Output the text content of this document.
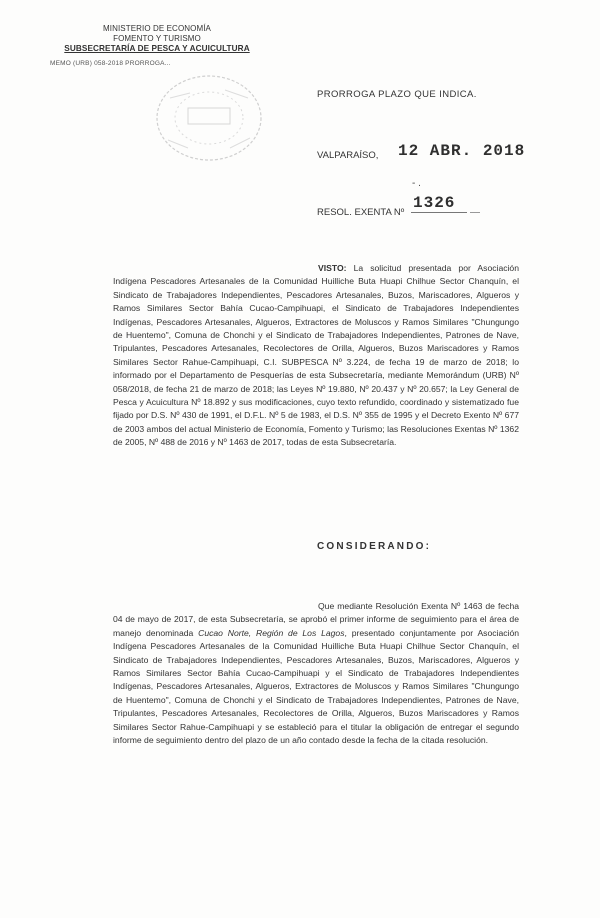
MINISTERIO DE ECONOMÍA
FOMENTO Y TURISMO
SUBSECRETARÍA DE PESCA Y ACUICULTURA
MEMO (URB) 058-2018 PRORROGA...
PRORROGA PLAZO QUE INDICA.
VALPARAÍSO, 12 ABR. 2018
- .
RESOL. EXENTA Nº
1326
VISTO: La solicitud presentada por Asociación Indígena Pescadores Artesanales de la Comunidad Huilliche Buta Huapi Chilhue Sector Chanquín, el Sindicato de Trabajadores Independientes, Pescadores Artesanales, Buzos, Mariscadores, Algueros y Ramos Similares Sector Bahía Cucao-Campihuapi, el Sindicato de Trabajadores Independientes Indígenas, Pescadores Artesanales, Algueros, Extractores de Moluscos y Ramos Similares "Chungungo de Huentemo", Comuna de Chonchi y el Sindicato de Trabajadores Independientes, Patrones de Nave, Tripulantes, Pescadores Artesanales, Recolectores de Orilla, Algueros, Buzos Mariscadores y Ramos Similares Sector Rahue-Campihuapi, C.I. SUBPESCA Nº 3.224, de fecha 19 de marzo de 2018; lo informado por el Departamento de Pesquerías de esta Subsecretaría, mediante Memorándum (URB) Nº 058/2018, de fecha 21 de marzo de 2018; las Leyes Nº 19.880, Nº 20.437 y Nº 20.657; la Ley General de Pesca y Acuicultura Nº 18.892 y sus modificaciones, cuyo texto refundido, coordinado y sistematizado fue fijado por D.S. Nº 430 de 1991, el D.F.L. Nº 5 de 1983, el D.S. Nº 355 de 1995 y el Decreto Exento Nº 677 de 2003 ambos del actual Ministerio de Economía, Fomento y Turismo; las Resoluciones Exentas Nº 1362 de 2005, Nº 488 de 2016 y Nº 1463 de 2017, todas de esta Subsecretaría.
CONSIDERANDO:
Que mediante Resolución Exenta Nº 1463 de fecha 04 de mayo de 2017, de esta Subsecretaría, se aprobó el primer informe de seguimiento para el área de manejo denominada Cucao Norte, Región de Los Lagos, presentado conjuntamente por Asociación Indígena Pescadores Artesanales de la Comunidad Huilliche Buta Huapi Chilhue Sector Chanquín, el Sindicato de Trabajadores Independientes, Pescadores Artesanales, Buzos, Mariscadores, Algueros y Ramos Similares Sector Bahía Cucao-Campihuapi y el Sindicato de Trabajadores Independientes Indígenas, Pescadores Artesanales, Algueros, Extractores de Moluscos y Ramos Similares "Chungungo de Huentemo", Comuna de Chonchi y el Sindicato de Trabajadores Independientes, Patrones de Nave, Tripulantes, Pescadores Artesanales, Recolectores de Orilla, Algueros, Buzos Mariscadores y Ramos Similares Sector Rahue-Campihuapi y se estableció para el titular la obligación de entregar el segundo informe de seguimiento dentro del plazo de un año contado desde la fecha de la citada resolución.
